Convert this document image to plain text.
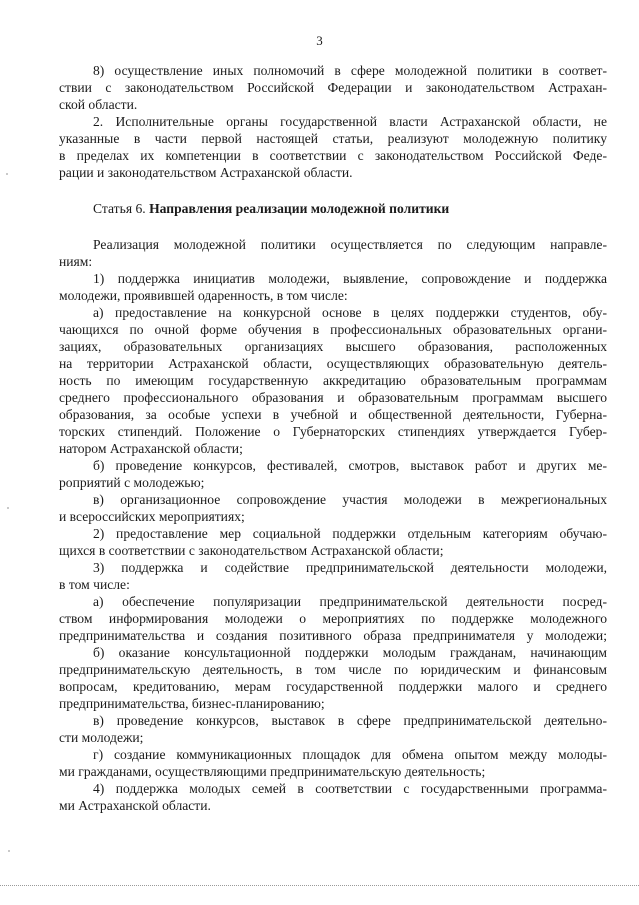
3
8) осуществление иных полномочий в сфере молодежной политики в соответ-
ствии с законодательством Российской Федерации и законодательством Астрахан-
ской области.
2. Исполнительные органы государственной власти Астраханской области, не
указанные в части первой настоящей статьи, реализуют молодежную политику
в пределах их компетенции в соответствии с законодательством Российской Феде-
рации и законодательством Астраханской области.
Статья 6. Направления реализации молодежной политики
Реализация молодежной политики осуществляется по следующим направле-
ниям:
1) поддержка инициатив молодежи, выявление, сопровождение и поддержка
молодежи, проявившей одаренность, в том числе:
а) предоставление на конкурсной основе в целях поддержки студентов, обу-
чающихся по очной форме обучения в профессиональных образовательных органи-
зациях, образовательных организациях высшего образования, расположенных
на территории Астраханской области, осуществляющих образовательную деятель-
ность по имеющим государственную аккредитацию образовательным программам
среднего профессионального образования и образовательным программам высшего
образования, за особые успехи в учебной и общественной деятельности, Губерна-
торских стипендий. Положение о Губернаторских стипендиях утверждается Губер-
натором Астраханской области;
б) проведение конкурсов, фестивалей, смотров, выставок работ и других ме-
роприятий с молодежью;
в) организационное сопровождение участия молодежи в межрегиональных
и всероссийских мероприятиях;
2) предоставление мер социальной поддержки отдельным категориям обучаю-
щихся в соответствии с законодательством Астраханской области;
3) поддержка и содействие предпринимательской деятельности молодежи,
в том числе:
а) обеспечение популяризации предпринимательской деятельности посред-
ством информирования молодежи о мероприятиях по поддержке молодежного
предпринимательства и создания позитивного образа предпринимателя у молодежи;
б) оказание консультационной поддержки молодым гражданам, начинающим
предпринимательскую деятельность, в том числе по юридическим и финансовым
вопросам, кредитованию, мерам государственной поддержки малого и среднего
предпринимательства, бизнес-планированию;
в) проведение конкурсов, выставок в сфере предпринимательской деятельно-
сти молодежи;
г) создание коммуникационных площадок для обмена опытом между молоды-
ми гражданами, осуществляющими предпринимательскую деятельность;
4) поддержка молодых семей в соответствии с государственными программа-
ми Астраханской области.
